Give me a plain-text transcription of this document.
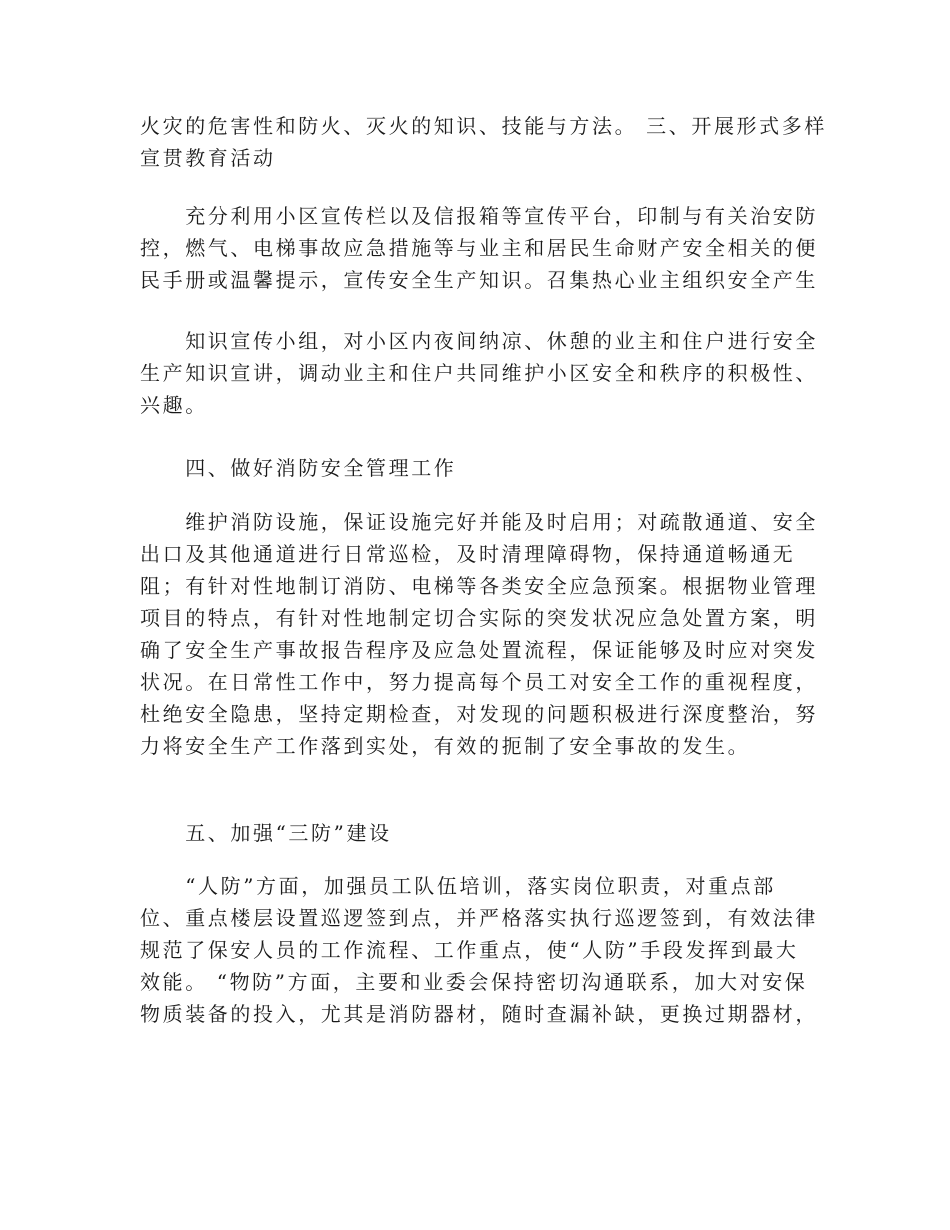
火灾的危害性和防火、灭火的知识、技能与方法。 三、开展形式多样
宣贯教育活动
　　充分利用小区宣传栏以及信报箱等宣传平台，印制与有关治安防
控，燃气、电梯事故应急措施等与业主和居民生命财产安全相关的便
民手册或温馨提示，宣传安全生产知识。召集热心业主组织安全产生
　　知识宣传小组，对小区内夜间纳凉、休憩的业主和住户进行安全
生产知识宣讲，调动业主和住户共同维护小区安全和秩序的积极性、
兴趣。
　　四、做好消防安全管理工作
　　维护消防设施，保证设施完好并能及时启用；对疏散通道、安全
出口及其他通道进行日常巡检，及时清理障碍物，保持通道畅通无
阻；有针对性地制订消防、电梯等各类安全应急预案。根据物业管理
项目的特点，有针对性地制定切合实际的突发状况应急处置方案，明
确了安全生产事故报告程序及应急处置流程，保证能够及时应对突发
状况。在日常性工作中，努力提高每个员工对安全工作的重视程度，
杜绝安全隐患，坚持定期检查，对发现的问题积极进行深度整治，努
力将安全生产工作落到实处，有效的扼制了安全事故的发生。
　　五、加强“三防”建设
　　“人防”方面，加强员工队伍培训，落实岗位职责，对重点部
位、重点楼层设置巡逻签到点，并严格落实执行巡逻签到，有效法律
规范了保安人员的工作流程、工作重点，使“人防”手段发挥到最大
效能。 “物防”方面，主要和业委会保持密切沟通联系，加大对安保
物质装备的投入，尤其是消防器材，随时查漏补缺，更换过期器材，
